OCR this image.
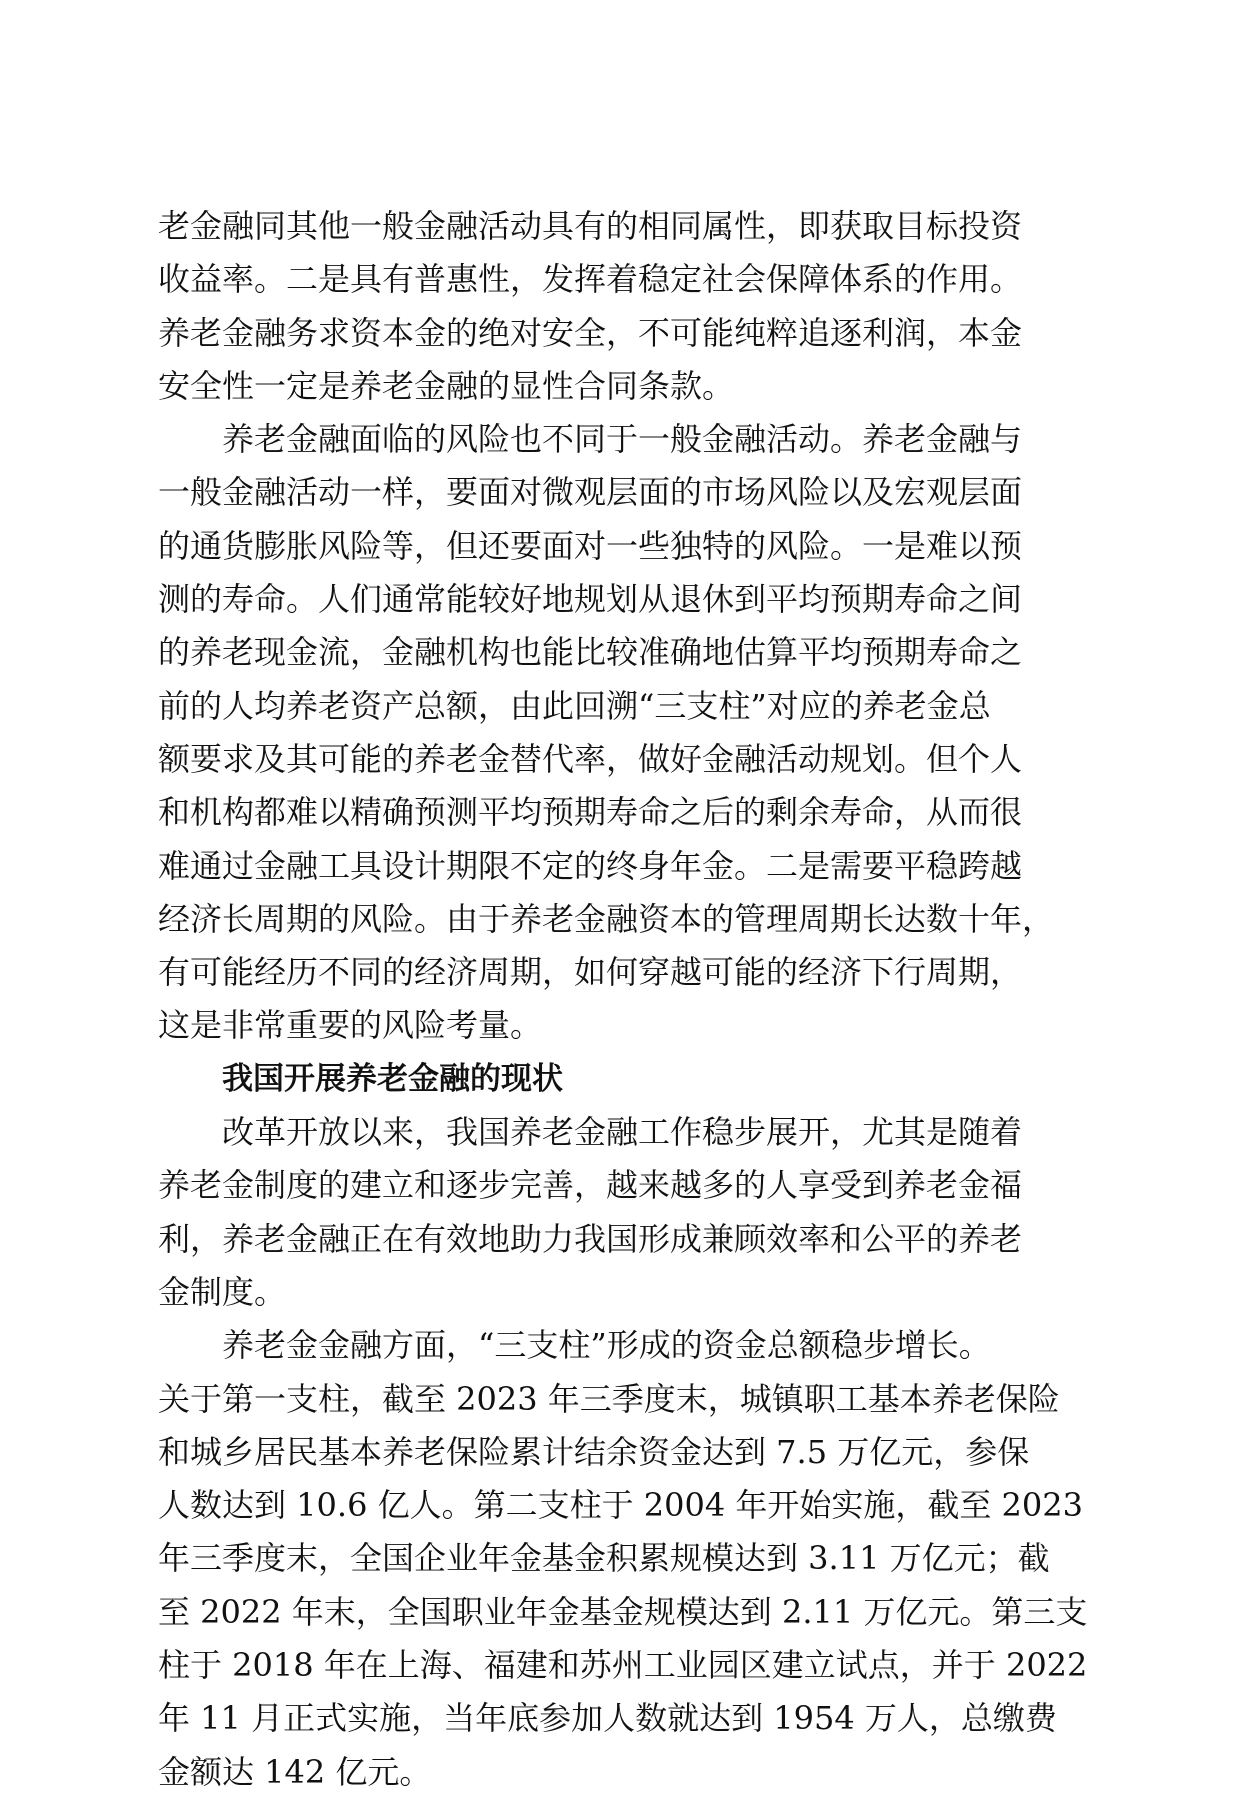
老金融同其他一般金融活动具有的相同属性，即获取目标投资
收益率。二是具有普惠性，发挥着稳定社会保障体系的作用。
养老金融务求资本金的绝对安全，不可能纯粹追逐利润，本金
安全性一定是养老金融的显性合同条款。
养老金融面临的风险也不同于一般金融活动。养老金融与
一般金融活动一样，要面对微观层面的市场风险以及宏观层面
的通货膨胀风险等，但还要面对一些独特的风险。一是难以预
测的寿命。人们通常能较好地规划从退休到平均预期寿命之间
的养老现金流，金融机构也能比较准确地估算平均预期寿命之
前的人均养老资产总额，由此回溯“三支柱”对应的养老金总
额要求及其可能的养老金替代率，做好金融活动规划。但个人
和机构都难以精确预测平均预期寿命之后的剩余寿命，从而很
难通过金融工具设计期限不定的终身年金。二是需要平稳跨越
经济长周期的风险。由于养老金融资本的管理周期长达数十年，
有可能经历不同的经济周期，如何穿越可能的经济下行周期，
这是非常重要的风险考量。
我国开展养老金融的现状
改革开放以来，我国养老金融工作稳步展开，尤其是随着
养老金制度的建立和逐步完善，越来越多的人享受到养老金福
利，养老金融正在有效地助力我国形成兼顾效率和公平的养老
金制度。
养老金金融方面，“三支柱”形成的资金总额稳步增长。
关于第一支柱，截至 2023 年三季度末，城镇职工基本养老保险
和城乡居民基本养老保险累计结余资金达到 7.5 万亿元，参保
人数达到 10.6 亿人。第二支柱于 2004 年开始实施，截至 2023
年三季度末，全国企业年金基金积累规模达到 3.11 万亿元；截
至 2022 年末，全国职业年金基金规模达到 2.11 万亿元。第三支
柱于 2018 年在上海、福建和苏州工业园区建立试点，并于 2022
年 11 月正式实施，当年底参加人数就达到 1954 万人，总缴费
金额达 142 亿元。
